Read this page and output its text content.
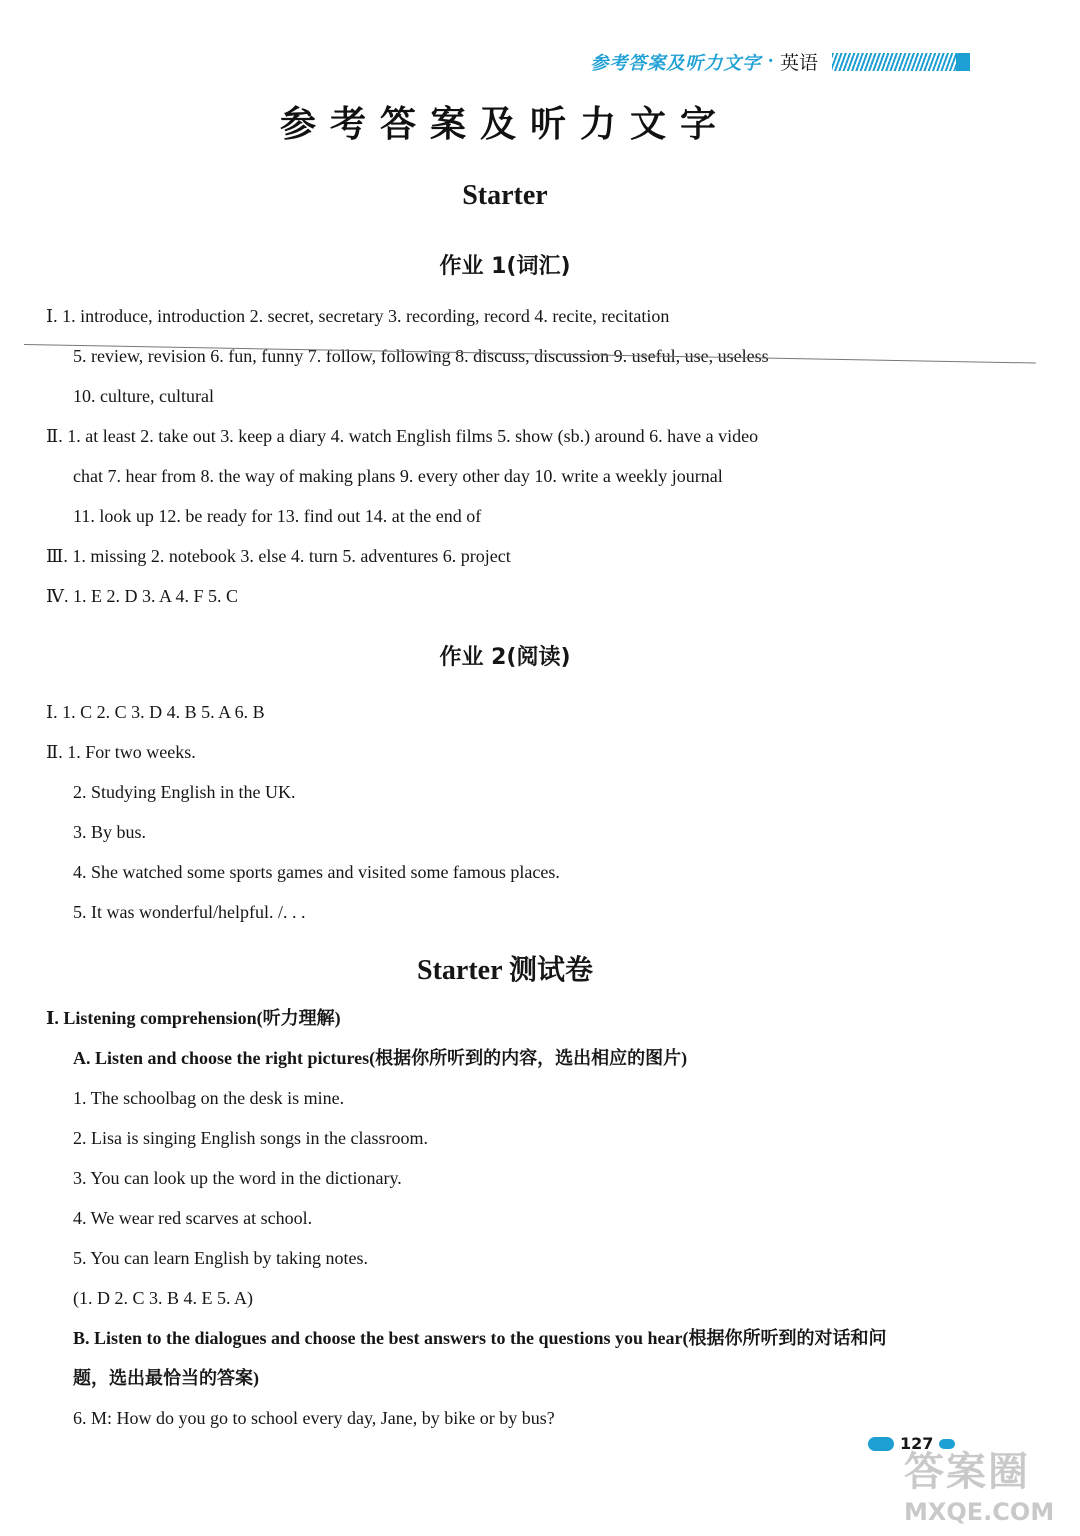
参考答案及听力文字 · 英语
参考答案及听力文字
Starter
作业 1(词汇)
Ⅰ. 1. introduce, introduction 2. secret, secretary 3. recording, record 4. recite, recitation
5. review, revision 6. fun, funny 7. follow, following 8. discuss, discussion 9. useful, use, useless
10. culture, cultural
Ⅱ. 1. at least 2. take out 3. keep a diary 4. watch English films 5. show (sb.) around 6. have a video
chat 7. hear from 8. the way of making plans 9. every other day 10. write a weekly journal
11. look up 12. be ready for 13. find out 14. at the end of
Ⅲ. 1. missing 2. notebook 3. else 4. turn 5. adventures 6. project
Ⅳ. 1. E 2. D 3. A 4. F 5. C
作业 2(阅读)
Ⅰ. 1. C 2. C 3. D 4. B 5. A 6. B
Ⅱ. 1. For two weeks.
2. Studying English in the UK.
3. By bus.
4. She watched some sports games and visited some famous places.
5. It was wonderful/helpful. /. . .
Starter 测试卷
Ⅰ. Listening comprehension(听力理解)
A. Listen and choose the right pictures(根据你所听到的内容，选出相应的图片)
1. The schoolbag on the desk is mine.
2. Lisa is singing English songs in the classroom.
3. You can look up the word in the dictionary.
4. We wear red scarves at school.
5. You can learn English by taking notes.
(1. D 2. C 3. B 4. E 5. A)
B. Listen to the dialogues and choose the best answers to the questions you hear(根据你所听到的对话和问
题，选出最恰当的答案)
6. M: How do you go to school every day, Jane, by bike or by bus?
127
答案圈
MXQE.COM
